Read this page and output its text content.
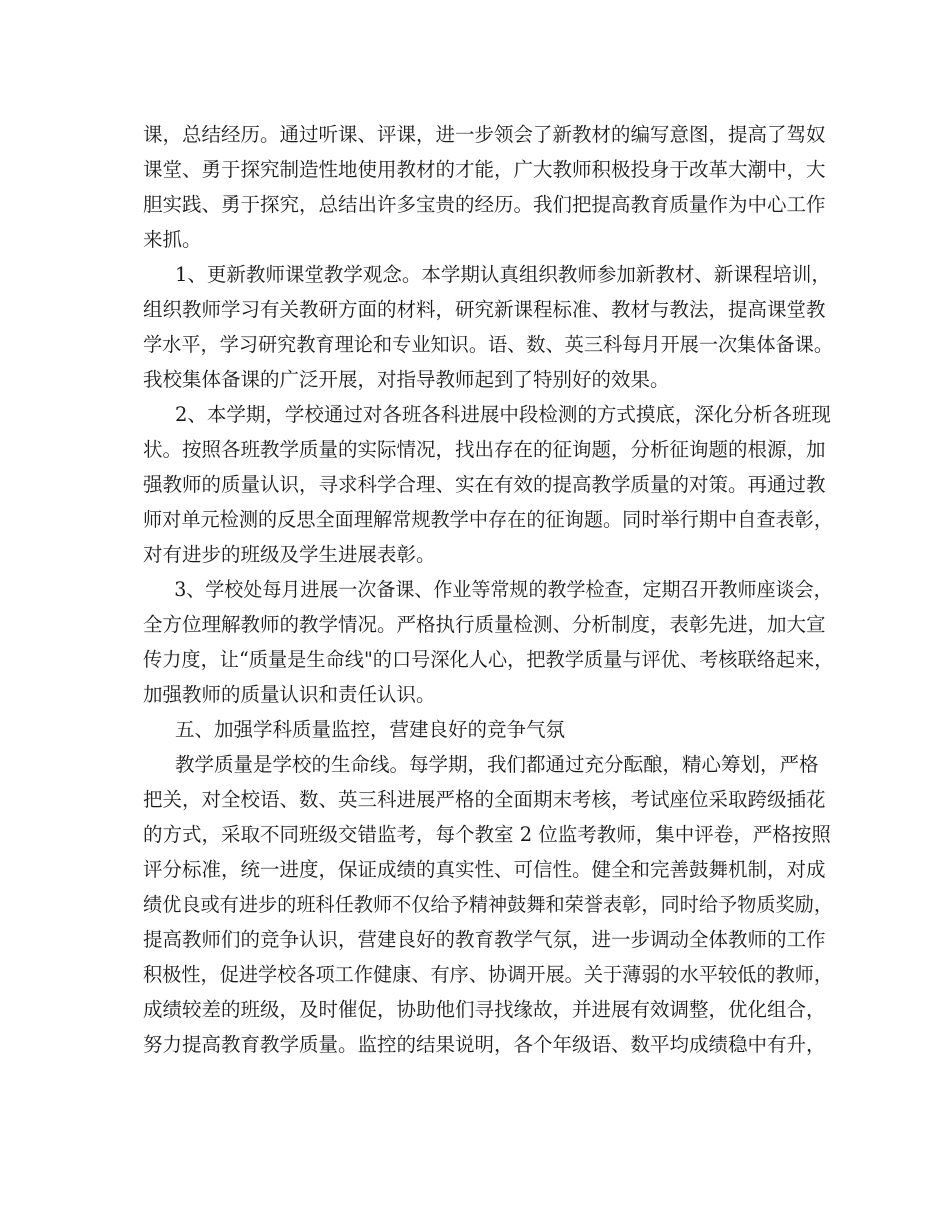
课，总结经历。通过听课、评课，进一步领会了新教材的编写意图，提高了驾奴
课堂、勇于探究制造性地使用教材的才能，广大教师积极投身于改革大潮中，大
胆实践、勇于探究，总结出许多宝贵的经历。我们把提高教育质量作为中心工作
来抓。
1、更新教师课堂教学观念。本学期认真组织教师参加新教材、新课程培训，
组织教师学习有关教研方面的材料，研究新课程标准、教材与教法，提高课堂教
学水平，学习研究教育理论和专业知识。语、数、英三科每月开展一次集体备课。
我校集体备课的广泛开展，对指导教师起到了特别好的效果。
2、本学期，学校通过对各班各科进展中段检测的方式摸底，深化分析各班现
状。按照各班教学质量的实际情况，找出存在的征询题，分析征询题的根源，加
强教师的质量认识，寻求科学合理、实在有效的提高教学质量的对策。再通过教
师对单元检测的反思全面理解常规教学中存在的征询题。同时举行期中自查表彰，
对有进步的班级及学生进展表彰。
3、学校处每月进展一次备课、作业等常规的教学检查，定期召开教师座谈会，
全方位理解教师的教学情况。严格执行质量检测、分析制度，表彰先进，加大宣
传力度，让“质量是生命线"的口号深化人心，把教学质量与评优、考核联络起来，
加强教师的质量认识和责任认识。
五、加强学科质量监控，营建良好的竞争气氛
教学质量是学校的生命线。每学期，我们都通过充分酝酿，精心筹划，严格
把关，对全校语、数、英三科进展严格的全面期末考核，考试座位采取跨级插花
的方式，采取不同班级交错监考，每个教室 2 位监考教师，集中评卷，严格按照
评分标准，统一进度，保证成绩的真实性、可信性。健全和完善鼓舞机制，对成
绩优良或有进步的班科任教师不仅给予精神鼓舞和荣誉表彰，同时给予物质奖励，
提高教师们的竞争认识，营建良好的教育教学气氛，进一步调动全体教师的工作
积极性，促进学校各项工作健康、有序、协调开展。关于薄弱的水平较低的教师，
成绩较差的班级，及时催促，协助他们寻找缘故，并进展有效调整，优化组合，
努力提高教育教学质量。监控的结果说明，各个年级语、数平均成绩稳中有升，
